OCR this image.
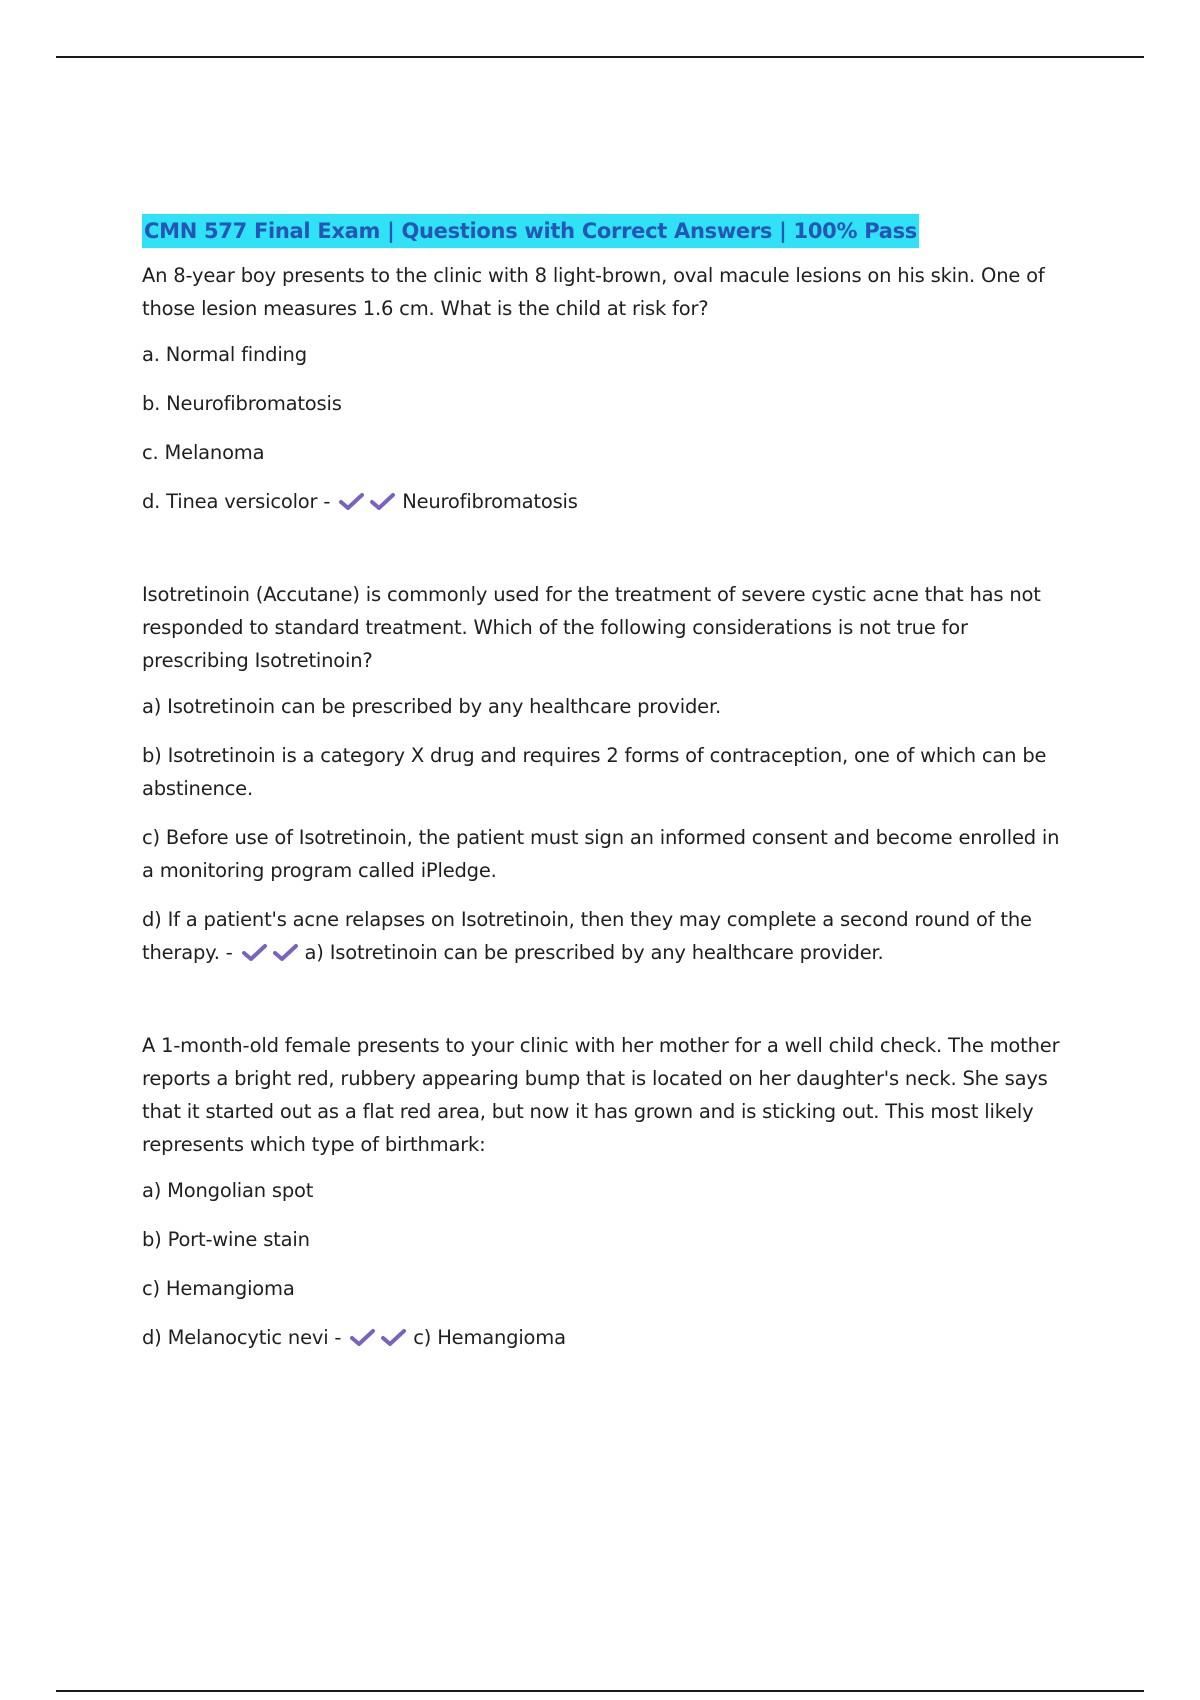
CMN 577 Final Exam | Questions with Correct Answers | 100% Pass

An 8-year boy presents to the clinic with 8 light-brown, oval macule lesions on his skin. One of those lesion measures 1.6 cm. What is the child at risk for?

a. Normal finding

b. Neurofibromatosis

c. Melanoma

d. Tinea versicolor -	Neurofibromatosis

Isotretinoin (Accutane) is commonly used for the treatment of severe cystic acne that has not responded to standard treatment. Which of the following considerations is not true for prescribing Isotretinoin?

a) Isotretinoin can be prescribed by any healthcare provider.

b) Isotretinoin is a category X drug and requires 2 forms of contraception, one of which can be abstinence.

c) Before use of Isotretinoin, the patient must sign an informed consent and become enrolled in a monitoring program called iPledge.

d) If a patient's acne relapses on Isotretinoin, then they may complete a second round of the therapy. -	a) Isotretinoin can be prescribed by any healthcare provider.

A 1-month-old female presents to your clinic with her mother for a well child check. The mother reports a bright red, rubbery appearing bump that is located on her daughter's neck. She says that it started out as a flat red area, but now it has grown and is sticking out. This most likely represents which type of birthmark:

a) Mongolian spot

b) Port-wine stain

c) Hemangioma

d) Melanocytic nevi -	c) Hemangioma
